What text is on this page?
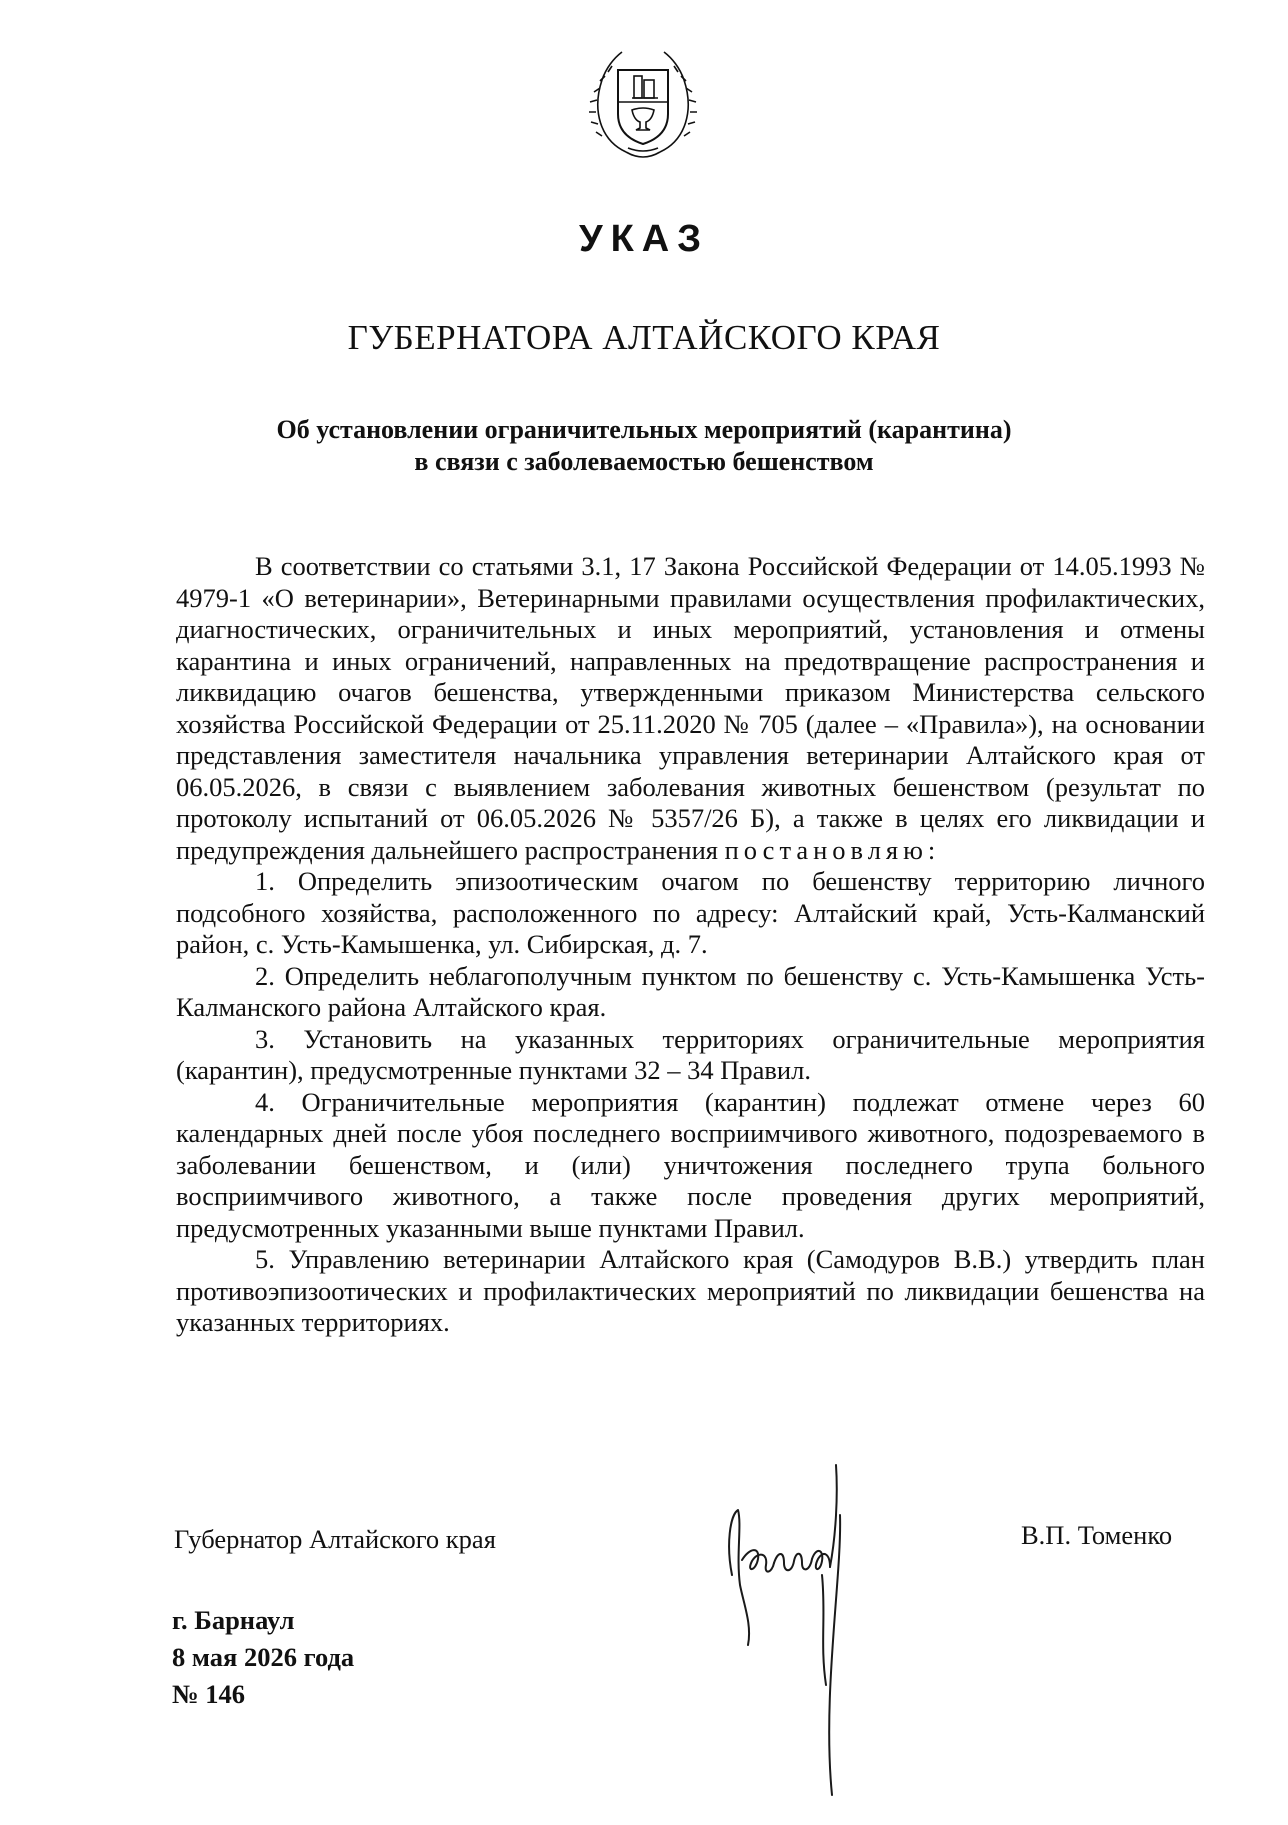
УКАЗ
ГУБЕРНАТОРА АЛТАЙСКОГО КРАЯ
Об установлении ограничительных мероприятий (карантина)
в связи с заболеваемостью бешенством

В соответствии со статьями 3.1, 17 Закона Российской Федерации от 14.05.1993 № 4979-1 «О ветеринарии», Ветеринарными правилами осуществления профилактических, диагностических, ограничительных и иных мероприятий, установления и отмены карантина и иных ограничений, направленных на предотвращение распространения и ликвидацию очагов бешенства, утвержденными приказом Министерства сельского хозяйства Российской Федерации от 25.11.2020 № 705 (далее – «Правила»), на основании представления заместителя начальника управления ветеринарии Алтайского края от 06.05.2026, в связи с выявлением заболевания животных бешенством (результат по протоколу испытаний от 06.05.2026 № 5357/26 Б), а также в целях его ликвидации и предупреждения дальнейшего распространения постановляю:

1. Определить эпизоотическим очагом по бешенству территорию личного подсобного хозяйства, расположенного по адресу: Алтайский край, Усть-Калманский район, с. Усть-Камышенка, ул. Сибирская, д. 7.

2. Определить неблагополучным пунктом по бешенству с. Усть-Камышенка Усть-Калманского района Алтайского края.

3. Установить на указанных территориях ограничительные мероприятия (карантин), предусмотренные пунктами 32 – 34 Правил.

4. Ограничительные мероприятия (карантин) подлежат отмене через 60 календарных дней после убоя последнего восприимчивого животного, подозреваемого в заболевании бешенством, и (или) уничтожения последнего трупа больного восприимчивого животного, а также после проведения других мероприятий, предусмотренных указанными выше пунктами Правил.

5. Управлению ветеринарии Алтайского края (Самодуров В.В.) утвердить план противоэпизоотических и профилактических мероприятий по ликвидации бешенства на указанных территориях.

Губернатор Алтайского края	В.П. Томенко
г. Барнаул
8 мая 2026 года
№ 146
